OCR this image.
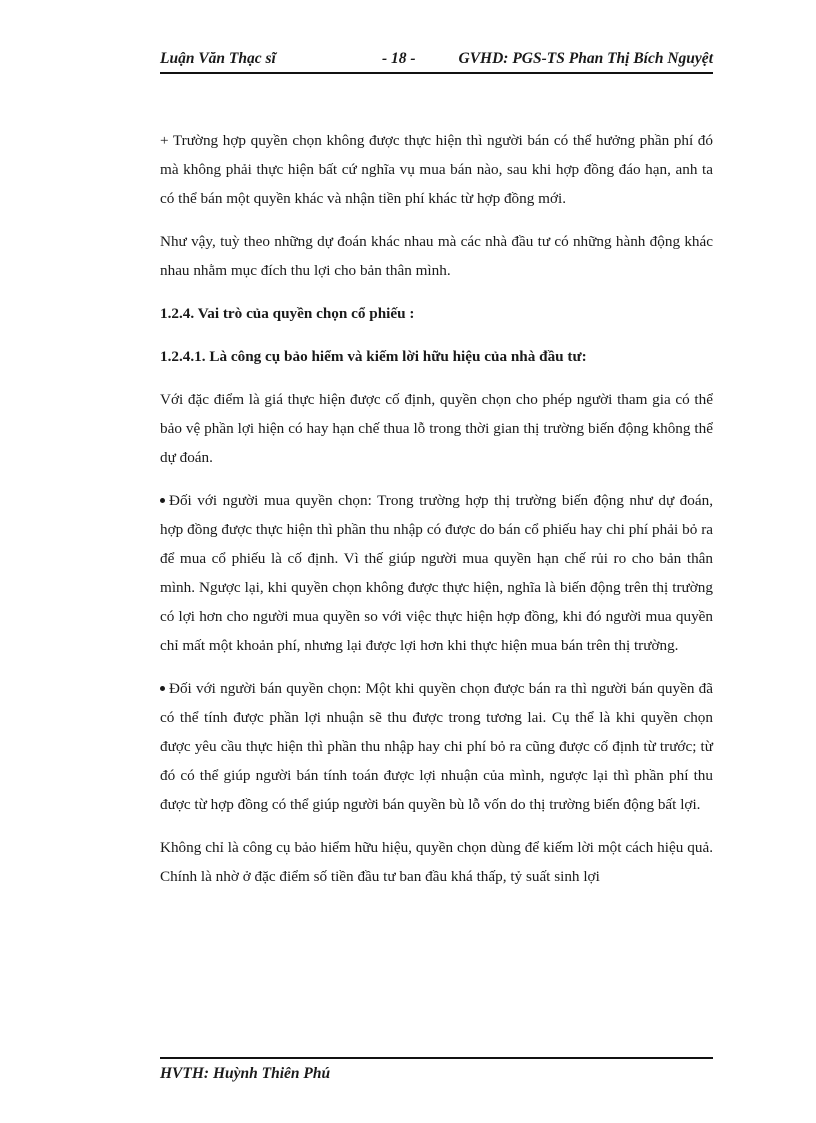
Luận Văn Thạc sĩ	- 18 -	GVHD: PGS-TS Phan Thị Bích Nguyệt

+ Trường hợp quyền chọn không được thực hiện thì người bán có thể hưởng phần phí đó mà không phải thực hiện bất cứ nghĩa vụ mua bán nào, sau khi hợp đồng đáo hạn, anh ta có thể bán một quyền khác và nhận tiền phí khác từ hợp đồng mới.

Như vậy, tuỳ theo những dự đoán khác nhau mà các nhà đầu tư có những hành động khác nhau nhằm mục đích thu lợi cho bản thân mình.

1.2.4. Vai trò của quyền chọn cổ phiếu :

1.2.4.1. Là công cụ bảo hiểm và kiếm lời hữu hiệu của nhà đầu tư:

Với đặc điểm là giá thực hiện được cố định, quyền chọn cho phép người tham gia có thể bảo vệ phần lợi hiện có hay hạn chế thua lỗ trong thời gian thị trường biến động không thể dự đoán.

Đối với người mua quyền chọn: Trong trường hợp thị trường biến động như dự đoán, hợp đồng được thực hiện thì phần thu nhập có được do bán cổ phiếu hay chi phí phải bỏ ra để mua cổ phiếu là cố định. Vì thế giúp người mua quyền hạn chế rủi ro cho bản thân mình. Ngược lại, khi quyền chọn không được thực hiện, nghĩa là biến động trên thị trường có lợi hơn cho người mua quyền so với việc thực hiện hợp đồng, khi đó người mua quyền chỉ mất một khoản phí, nhưng lại được lợi hơn khi thực hiện mua bán trên thị trường.

Đối với người bán quyền chọn: Một khi quyền chọn được bán ra thì người bán quyền đã có thể tính được phần lợi nhuận sẽ thu được trong tương lai. Cụ thể là khi quyền chọn được yêu cầu thực hiện thì phần thu nhập hay chi phí bỏ ra cũng được cố định từ trước; từ đó có thể giúp người bán tính toán được lợi nhuận của mình, ngược lại thì phần phí thu được từ hợp đồng có thể giúp người bán quyền bù lỗ vốn do thị trường biến động bất lợi.

Không chỉ là công cụ bảo hiểm hữu hiệu, quyền chọn dùng để kiếm lời một cách hiệu quả. Chính là nhờ ở đặc điểm số tiền đầu tư ban đầu khá thấp, tỷ suất sinh lợi

HVTH: Huỳnh Thiên Phú
